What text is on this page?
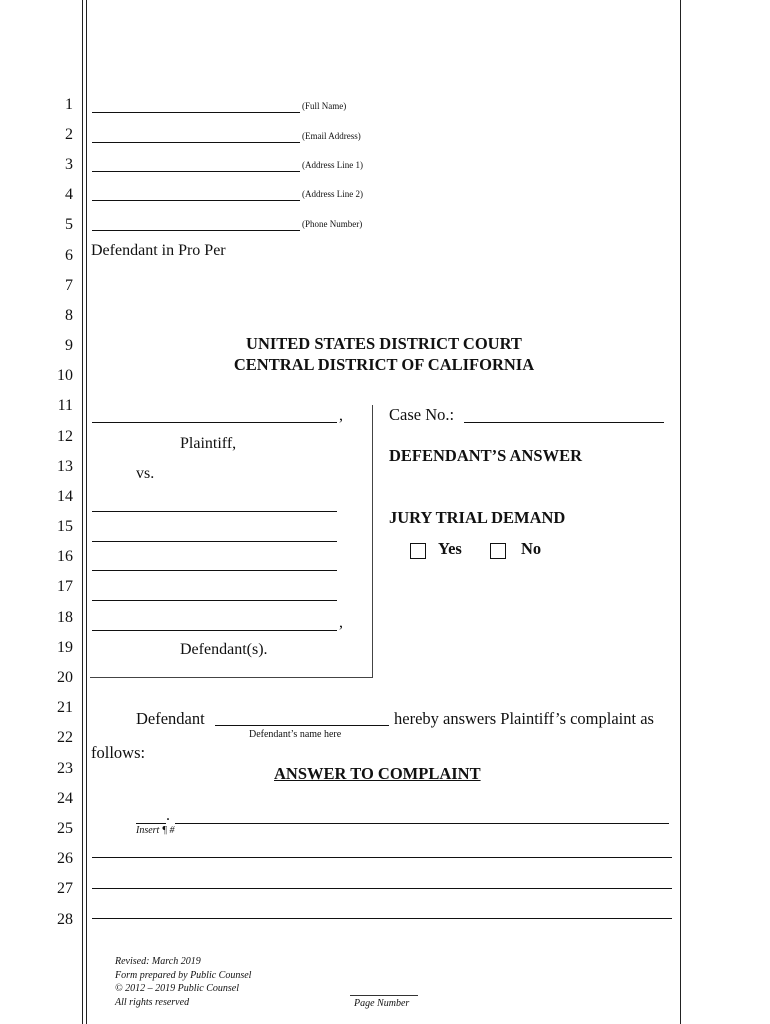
1
2
3
4
5
6
7
8
9
10
11
12
13
14
15
16
17
18
19
20
21
22
23
24
25
26
27
28
(Full Name)
(Email Address)
(Address Line 1)
(Address Line 2)
(Phone Number)
Defendant in Pro Per
UNITED STATES DISTRICT COURT
CENTRAL DISTRICT OF CALIFORNIA
,
Plaintiff,
vs.
,
Defendant(s).
Case No.:
DEFENDANT’S ANSWER
JURY TRIAL DEMAND
Yes	No
Defendant	hereby answers Plaintiff’s complaint as
Defendant’s name here
follows:
ANSWER TO COMPLAINT
.
Insert ¶ #
Revised: March 2019
Form prepared by Public Counsel
© 2012 – 2019 Public Counsel
All rights reserved	Page Number
